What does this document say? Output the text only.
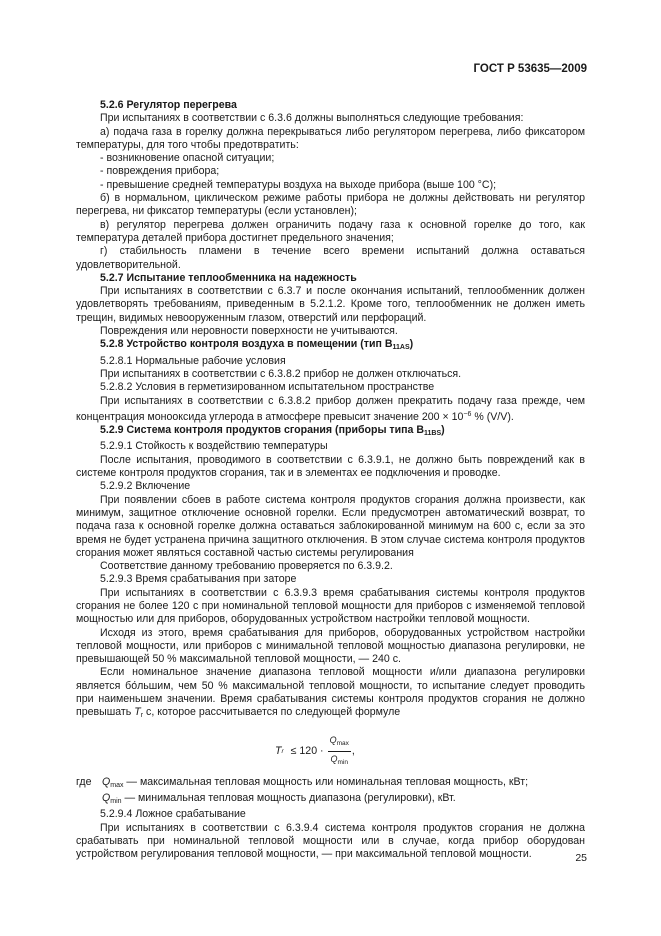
ГОСТ Р 53635—2009

5.2.6 Регулятор перегрева

При испытаниях в соответствии с 6.3.6 должны выполняться следующие требования:

а) подача газа в горелку должна перекрываться либо регулятором перегрева, либо фиксатором температуры, для того чтобы предотвратить:

- возникновение опасной ситуации;

- повреждения прибора;

- превышение средней температуры воздуха на выходе прибора (выше 100 °С);

б) в нормальном, циклическом режиме работы прибора не должны действовать ни регулятор перегрева, ни фиксатор температуры (если установлен);

в) регулятор перегрева должен ограничить подачу газа к основной горелке до того, как температура деталей прибора достигнет предельного значения;

г) стабильность пламени в течение всего времени испытаний должна оставаться удовлетворительной.

5.2.7 Испытание теплообменника на надежность

При испытаниях в соответствии с 6.3.7 и после окончания испытаний, теплообменник должен удовлетворять требованиям, приведенным в 5.2.1.2. Кроме того, теплообменник не должен иметь трещин, видимых невооруженным глазом, отверстий или перфораций.

Повреждения или неровности поверхности не учитываются.

5.2.8 Устройство контроля воздуха в помещении (тип $B_{11AS}$)

5.2.8.1 Нормальные рабочие условия

При испытаниях в соответствии с 6.3.8.2 прибор не должен отключаться.

5.2.8.2 Условия в герметизированном испытательном пространстве

При испытаниях в соответствии с 6.3.8.2 прибор должен прекратить подачу газа прежде, чем концентрация монооксида углерода в атмосфере превысит значение $200 \times 10^{-6}$ % (V/V).

5.2.9 Система контроля продуктов сгорания (приборы типа $B_{11BS}$)

5.2.9.1 Стойкость к воздействию температуры

После испытания, проводимого в соответствии с 6.3.9.1, не должно быть повреждений как в системе контроля продуктов сгорания, так и в элементах ее подключения и проводке.

5.2.9.2 Включение

При появлении сбоев в работе система контроля продуктов сгорания должна произвести, как минимум, защитное отключение основной горелки. Если предусмотрен автоматический возврат, то подача газа к основной горелке должна оставаться заблокированной минимум на 600 с, если за это время не будет устранена причина защитного отключения. В этом случае система контроля продуктов сгорания может являться составной частью системы регулирования

Соответствие данному требованию проверяется по 6.3.9.2.

5.2.9.3 Время срабатывания при заторе

При испытаниях в соответствии с 6.3.9.3 время срабатывания системы контроля продуктов сгорания не более 120 с при номинальной тепловой мощности для приборов с изменяемой тепловой мощностью или для приборов, оборудованных устройством настройки тепловой мощности.

Исходя из этого, время срабатывания для приборов, оборудованных устройством настройки тепловой мощности, или приборов с минимальной тепловой мощностью диапазона регулировки, не превышающей 50 % максимальной тепловой мощности, — 240 с.

Если номинальное значение диапазона тепловой мощности и/или диапазона регулировки является бо́льшим, чем 50 % максимальной тепловой мощности, то испытание следует проводить при наименьшем значении. Время срабатывания системы контроля продуктов сгорания не должно превышать $T_r$ с, которое рассчитывается по следующей формуле

T $r \le 120 \cdot \frac{Q_{max}}{Q_{min}}$ ,
где $Q_{max}$ — максимальная тепловая мощность или номинальная тепловая мощность, кВт;
$Q_{min}$ — минимальная тепловая мощность диапазона (регулировки), кВт.

5.2.9.4 Ложное срабатывание

При испытаниях в соответствии с 6.3.9.4 система контроля продуктов сгорания не должна срабатывать при номинальной тепловой мощности или в случае, когда прибор оборудован устройством регулирования тепловой мощности, — при максимальной тепловой мощности.	25
